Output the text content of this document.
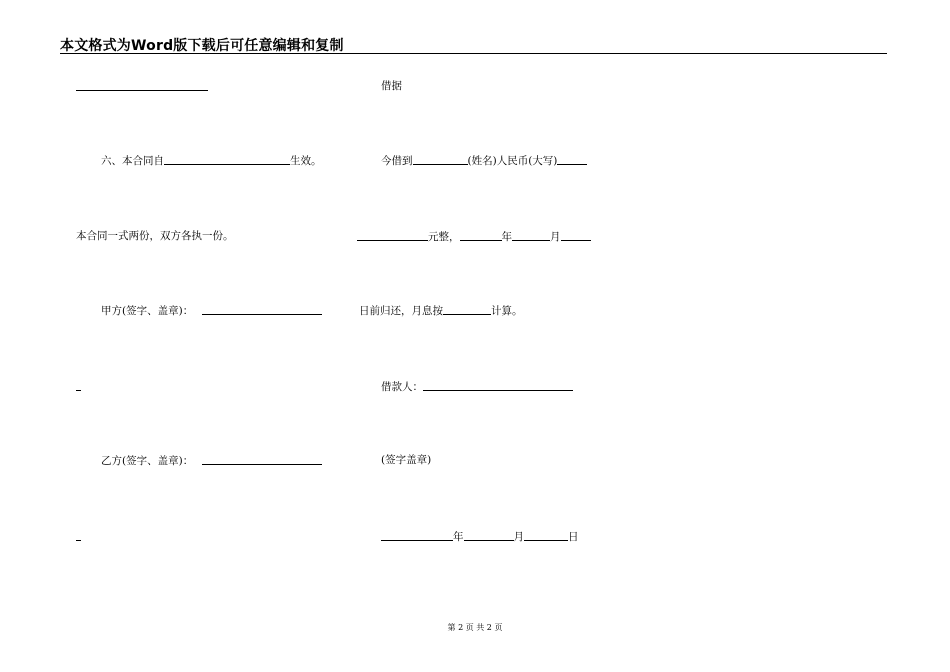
本文格式为Word版下载后可任意编辑和复制
六、本合同自	生效。
本合同一式两份，双方各执一份。
甲方(签字、盖章)：
乙方(签字、盖章)：
借据
今借到	(姓名)人民币(大写)
元整，	年	月
日前归还，月息按	计算。
借款人：
(签字盖章)
年	月	日
第 2 页 共 2 页
